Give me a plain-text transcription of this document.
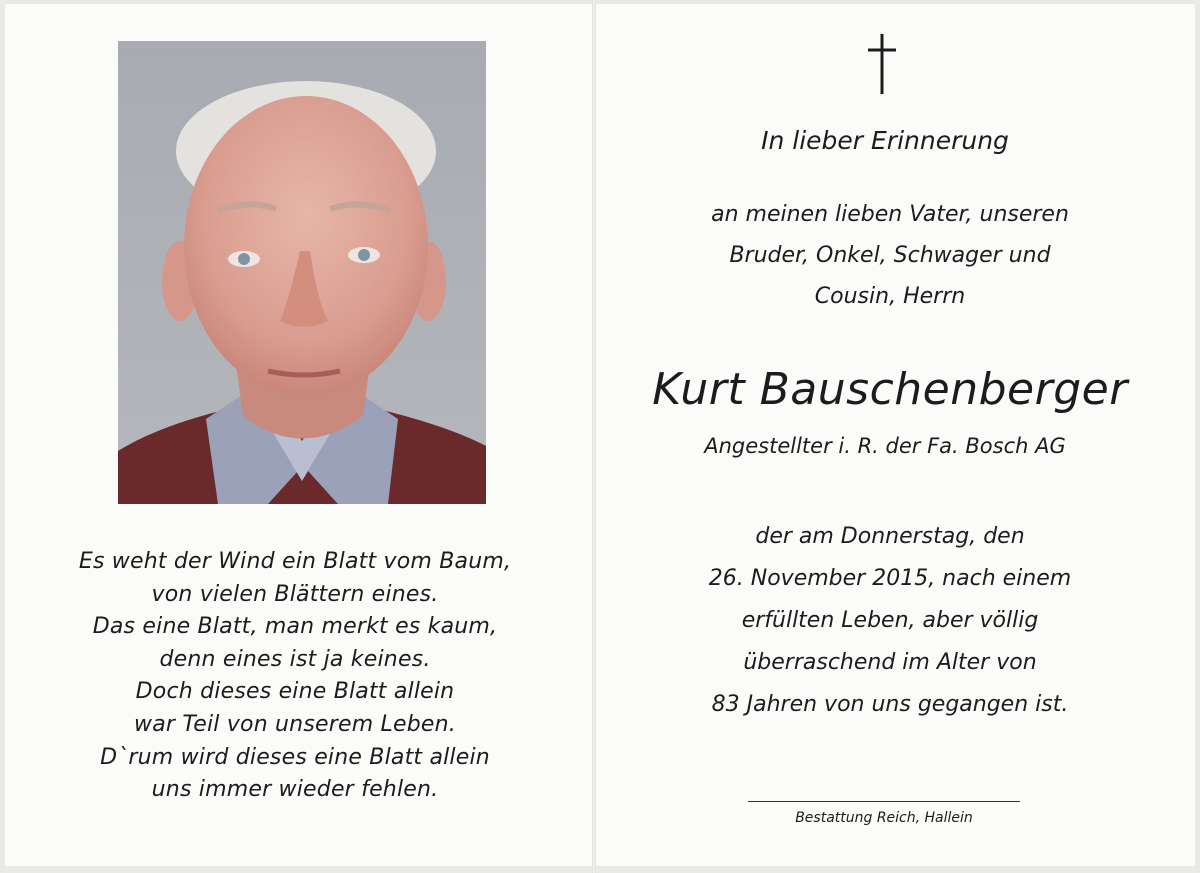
Es weht der Wind ein Blatt vom Baum,
von vielen Blättern eines.
Das eine Blatt, man merkt es kaum,
denn eines ist ja keines.
Doch dieses eine Blatt allein
war Teil von unserem Leben.
D`rum wird dieses eine Blatt allein
uns immer wieder fehlen.
In lieber Erinnerung
an meinen lieben Vater, unseren
Bruder, Onkel, Schwager und
Cousin, Herrn
Kurt Bauschenberger
Angestellter i. R. der Fa. Bosch AG
der am Donnerstag, den
26. November 2015, nach einem
erfüllten Leben, aber völlig
überraschend im Alter von
83 Jahren von uns gegangen ist.
Bestattung Reich, Hallein
